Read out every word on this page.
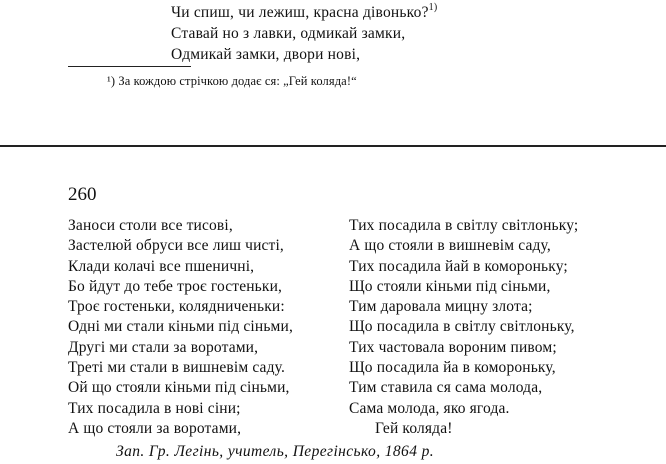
Чи спиш, чи лежиш, красна дівонько?$^{1)}$
Ставай но з лавки, одмикай замки,
Одмикай замки, двори нові,
¹) За кождою стрічкою додає ся: „Гей коляда!“
260
Заноси столи все тисові,
Застелюй обруси все лиш чисті,
Клади колачі все пшеничні,
Бо йдут до тебе троє гостеньки,
Троє гостеньки, колядниченьки:
Одні ми стали кіньми під сіньми,
Другі ми стали за воротами,
Треті ми стали в вишневім саду.
Ой що стояли кіньми під сіньми,
Тих посадила в нові сіни;
А що стояли за воротами,
Тих посадила в світлу світлоньку;
А що стояли в вишневім саду,
Тих посадила йай в комороньку;
Що стояли кіньми під сіньми,
Тим даровала мицну злота;
Що посадила в світлу світлоньку,
Тих частовала вороним пивом;
Що посадила йа в комороньку,
Тим ставила ся сама молода,
Сама молода, яко ягода.
Гей коляда!
Зап. Гр. Легінь, учитель, Перегінсько, 1864 р.
